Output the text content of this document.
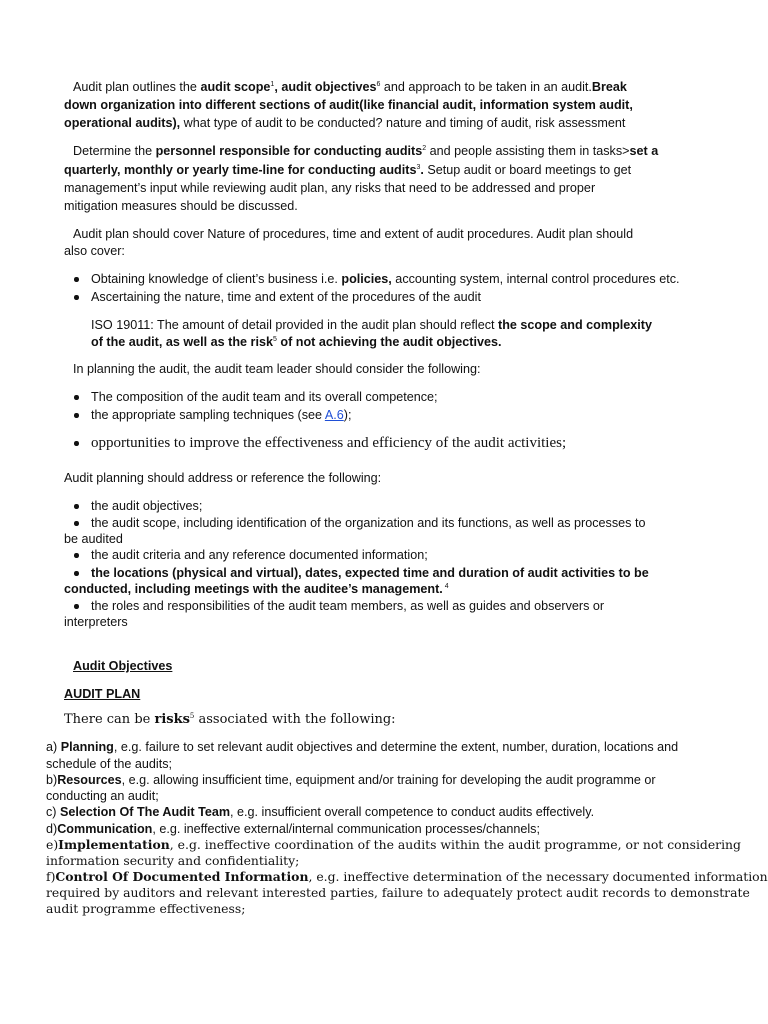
Audit plan outlines the audit scope$^1$, audit objectives$^6$ and approach to be taken in an audit.Break
down organization into different sections of audit(like financial audit, information system audit,
operational audits), what type of audit to be conducted? nature and timing of audit, risk assessment
Determine the personnel responsible for conducting audits$^2$ and people assisting them in tasks>set a
quarterly, monthly or yearly time-line for conducting audits$^3$. Setup audit or board meetings to get
management’s input while reviewing audit plan, any risks that need to be addressed and proper
mitigation measures should be discussed.
Audit plan should cover Nature of procedures, time and extent of audit procedures. Audit plan should
also cover:
Obtaining knowledge of client’s business i.e. policies, accounting system, internal control procedures etc.
Ascertaining the nature, time and extent of the procedures of the audit
ISO 19011: The amount of detail provided in the audit plan should reflect the scope and complexity
of the audit, as well as the risk$^5$ of not achieving the audit objectives.
In planning the audit, the audit team leader should consider the following:
The composition of the audit team and its overall competence;
the appropriate sampling techniques (see A.6);
opportunities to improve the effectiveness and efficiency of the audit activities;
Audit planning should address or reference the following:
the audit objectives;
the audit scope, including identification of the organization and its functions, as well as processes to
be audited
the audit criteria and any reference documented information;
the locations (physical and virtual), dates, expected time and duration of audit activities to be
conducted, including meetings with the auditee’s management. $^4$
the roles and responsibilities of the audit team members, as well as guides and observers or
interpreters
Audit Objectives
AUDIT PLAN
There can be risks$^5$ associated with the following:
a) Planning, e.g. failure to set relevant audit objectives and determine the extent, number, duration, locations and
schedule of the audits;
b)Resources, e.g. allowing insufficient time, equipment and/or training for developing the audit programme or
conducting an audit;
c) Selection Of The Audit Team, e.g. insufficient overall competence to conduct audits effectively.
d)Communication, e.g. ineffective external/internal communication processes/channels;
e)Implementation, e.g. ineffective coordination of the audits within the audit programme, or not considering
information security and confidentiality;
f)Control Of Documented Information, e.g. ineffective determination of the necessary documented information
required by auditors and relevant interested parties, failure to adequately protect audit records to demonstrate
audit programme effectiveness;
